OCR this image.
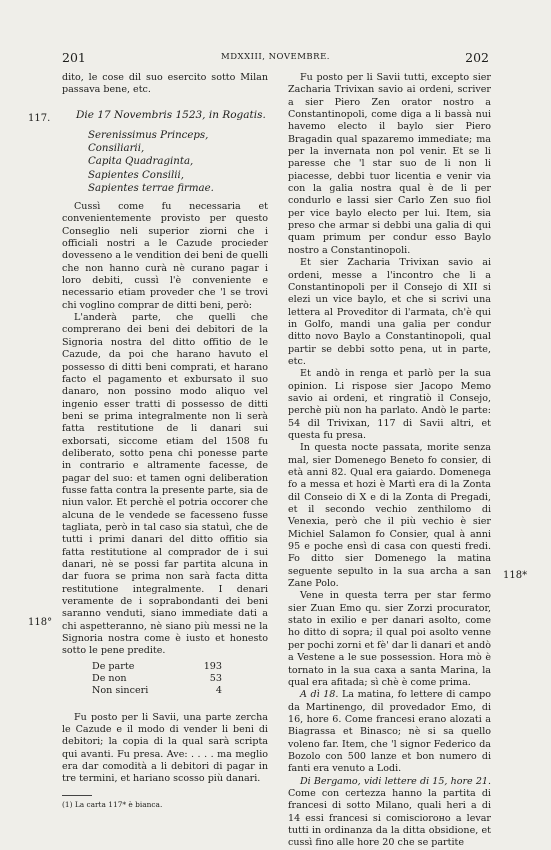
201	MDXXIII, NOVEMBRE.	202
117.
118°
118*

dito, le cose dil suo esercito sotto Milan passava bene, etc.

Die 17 Novembris 1523, in Rogatis.

Serenissimus Princeps,
Consiliarii,
Capita Quadraginta,
Sapientes Consilii,
Sapientes terrae firmae.

Cussì come fu necessaria et convenientemente provisto per questo Conseglio neli superior ziorni che i officiali nostri a le Cazude procieder dovesseno a le vendition dei beni de quelli che non hanno curà nè curano pagar i loro debiti, cussì l'è conveniente e necessario etiam proveder che 'l se trovi chi voglino comprar de ditti beni, però:

L'anderà parte, che quelli che comprerano dei beni dei debitori de la Signoria nostra del ditto offitio de le Cazude, da poi che harano havuto el possesso di ditti beni comprati, et harano facto el pagamento et exbursato il suo danaro, non possino modo aliquo vel ingenio esser tratti di possesso de ditti beni se prima integralmente non li serà fatta restitutione de li danari sui exborsati, siccome etiam del 1508 fu deliberato, sotto pena chi ponesse parte in contrario e altramente facesse, de pagar del suo: et tamen ogni deliberation fusse fatta contra la presente parte, sia de niun valor. Et perchè el potria occorer che alcuna de le vendede se facesseno fusse tagliata, però in tal caso sia statuì, che de tutti i primi danari del ditto offitio sia fatta restitutione al comprador de i sui danari, nè se possi far partita alcuna in dar fuora se prima non sarà facta ditta restitutione integralmente. I denari veramente de i soprabondanti dei beni saranno venduti, siano immediate dati a chi aspetteranno, nè siano più messi ne la Signoria nostra come è iusto et honesto sotto le pene predite.

De parte	193
De non	53
Non sinceri	4

Fu posto per li Savii, una parte zercha le Cazude e il modo di vender li beni di debitori; la copia di la qual sarà scripta qui avanti. Fu presa. Ave: . . . . ma meglio era dar comodità a li debitori di pagar in tre termini, et hariano scosso più danari.

(1) La carta 117* è bianca.

Fu posto per li Savii tutti, excepto sier Zacharia Trivixan savio ai ordeni, scriver a sier Piero Zen orator nostro a Constantinopoli, come diga a li bassà nui havemo electo il baylo sier Piero Bragadin qual spazaremo immediate; ma per la invernata non pol venir. Et se li paresse che 'l star suo de li non li piacesse, debbi tuor licentia e venir via con la galia nostra qual è de li per condurlo e lassi sier Carlo Zen suo fiol per vice baylo electo per lui. Item, sia preso che armar si debbi una galia di qui quam primum per condur esso Baylo nostro a Constantinopoli.

Et sier Zacharia Trivixan savio ai ordeni, messe a l'incontro che li a Constantinopoli per il Consejo di XII si elezi un vice baylo, et che si scrivi una lettera al Proveditor di l'armata, ch'è qui in Golfo, mandi una galia per condur ditto novo Baylo a Constantinopoli, qual partir se debbi sotto pena, ut in parte, etc.

Et andò in renga et parlò per la sua opinion. Li rispose sier Jacopo Memo savio ai ordeni, et ringratiò il Consejo, perchè più non ha parlato. Andò le parte: 54 dil Trivixan, 117 di Savii altri, et questa fu presa.

In questa nocte passata, morite senza mal, sier Domenego Beneto fo consier, di età anni 82. Qual era gaiardo. Domenega fo a messa et hozi è Martì era di la Zonta dil Conseio di X e di la Zonta di Pregadi, et il secondo vechio zenthilomo di Venexia, però che il più vechio è sier Michiel Salamon fo Consier, qual à anni 95 e poche ensì di casa con questi fredi. Fo ditto sier Domenego la matina seguente sepulto in la sua archa a san Zane Polo.

Vene in questa terra per star fermo sier Zuan Emo qu. sier Zorzi procurator, stato in exilio e per danari asolto, come ho ditto di sopra; il qual poi asolto venne per pochi zorni et fè' dar li danari et andò a Vestene a le sue possession. Hora mò è tornato in la sua caxa a santa Marina, la qual era afitada; sì chè è come prima.

A dì 18. La matina, fo lettere di campo da Martinengo, dil provedador Emo, di 16, hore 6. Come francesi erano alozati a Biagrassa et Binasco; nè si sa quello voleno far. Item, che 'l signor Federico da Bozolo con 500 lanze et bon numero di fanti era venuto a Lodi.

Di Bergamo, vidi lettere di 15, hore 21. Come con certezza hanno la partita di francesi di sotto Milano, quali heri a di 14 essi francesi si comiscioroно a levar tutti in ordinanza da la ditta obsidione, et cussì fino alle hore 20 che se partite
